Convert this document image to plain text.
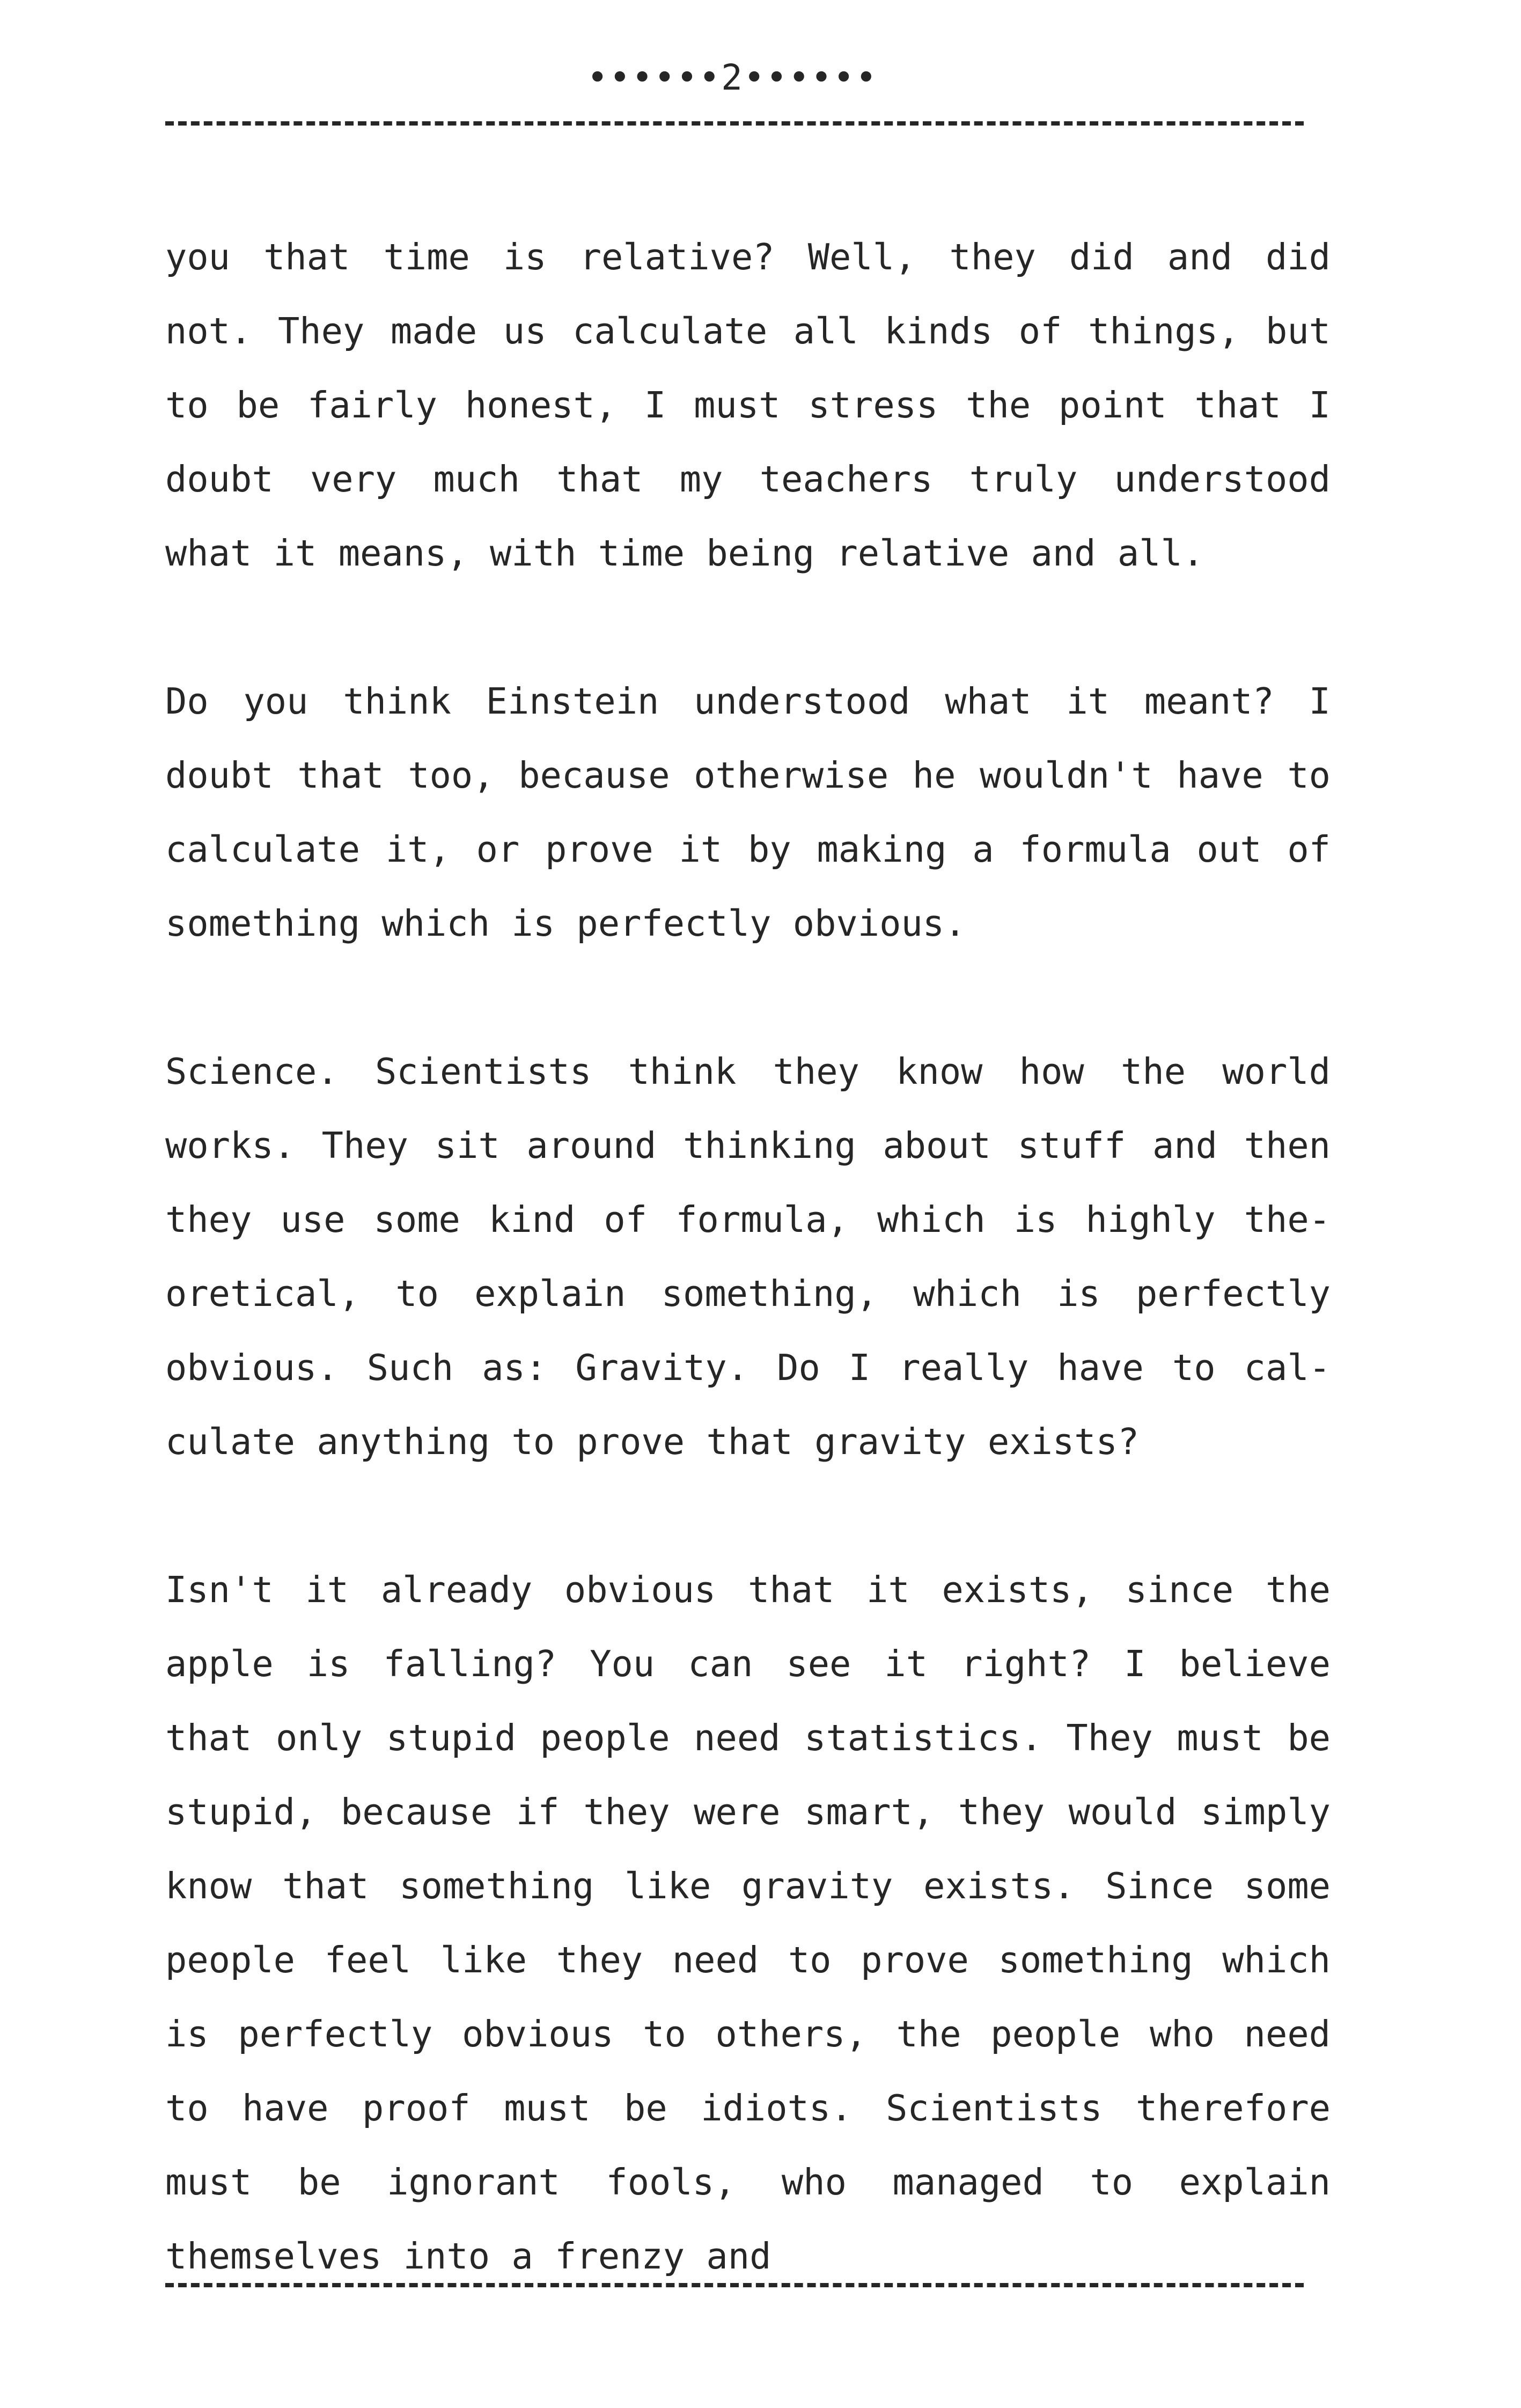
••••••2••••••

you that time is relative? Well, they did and did not. They made us calculate all kinds of things, but to be fairly honest, I must stress the point that I doubt very much that my teachers truly understood what it means, with time being relative and all.

Do you think Einstein understood what it meant? I doubt that too, because otherwise he wouldn't have to calculate it, or prove it by making a formula out of something which is perfectly obvious.

Science. Scientists think they know how the world works. They sit around thinking about stuff and then they use some kind of formula, which is highly the- oretical, to explain something, which is perfectly obvious. Such as: Gravity. Do I really have to cal- culate anything to prove that gravity exists?

Isn't it already obvious that it exists, since the apple is falling? You can see it right? I believe that only stupid people need statistics. They must be stupid, because if they were smart, they would simply know that something like gravity exists. Since some people feel like they need to prove something which is perfectly obvious to others, the people who need to have proof must be idiots. Scientists therefore must be ignorant fools, who managed to explain themselves into a frenzy and
